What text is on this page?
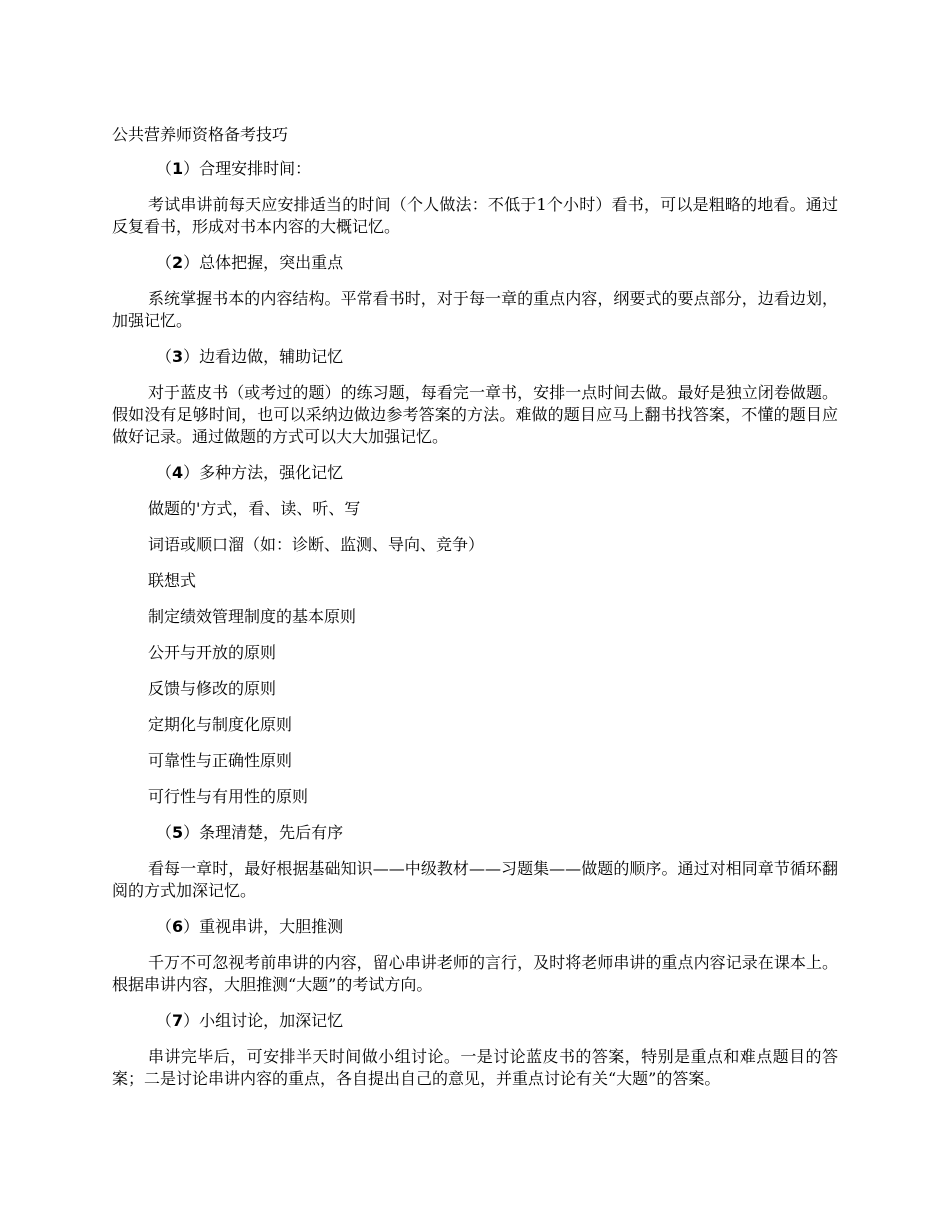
公共营养师资格备考技巧
（1）合理安排时间：
考试串讲前每天应安排适当的时间（个人做法：不低于1个小时）看书，可以是粗略的地看。通过反复看书，形成对书本内容的大概记忆。
（2）总体把握，突出重点
系统掌握书本的内容结构。平常看书时，对于每一章的重点内容，纲要式的要点部分，边看边划，加强记忆。
（3）边看边做，辅助记忆
对于蓝皮书（或考过的题）的练习题，每看完一章书，安排一点时间去做。最好是独立闭卷做题。假如没有足够时间，也可以采纳边做边参考答案的方法。难做的题目应马上翻书找答案，不懂的题目应做好记录。通过做题的方式可以大大加强记忆。
（4）多种方法，强化记忆
做题的'方式，看、读、听、写
词语或顺口溜（如：诊断、监测、导向、竞争）
联想式
制定绩效管理制度的基本原则
公开与开放的原则
反馈与修改的原则
定期化与制度化原则
可靠性与正确性原则
可行性与有用性的原则
（5）条理清楚，先后有序
看每一章时，最好根据基础知识——中级教材——习题集——做题的顺序。通过对相同章节循环翻阅的方式加深记忆。
（6）重视串讲，大胆推测
千万不可忽视考前串讲的内容，留心串讲老师的言行，及时将老师串讲的重点内容记录在课本上。根据串讲内容，大胆推测“大题”的考试方向。
（7）小组讨论，加深记忆
串讲完毕后，可安排半天时间做小组讨论。一是讨论蓝皮书的答案，特别是重点和难点题目的答案；二是讨论串讲内容的重点，各自提出自己的意见，并重点讨论有关“大题”的答案。
